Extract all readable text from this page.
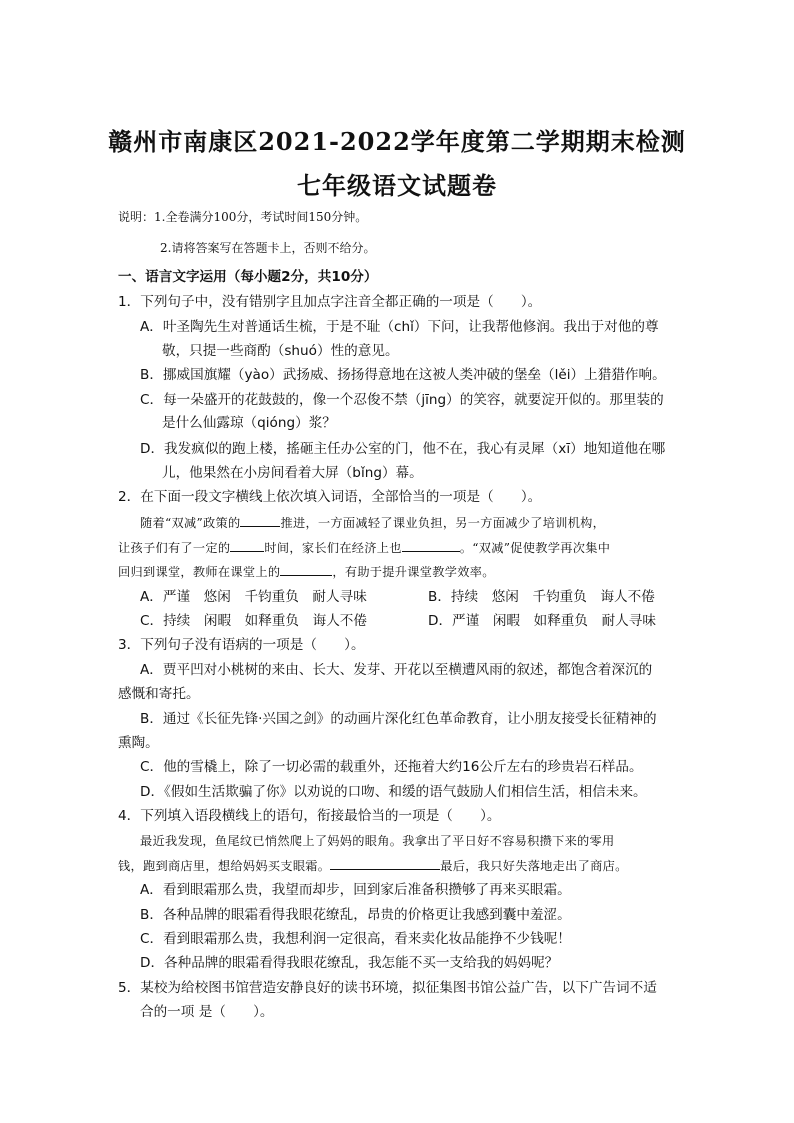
赣州市南康区2021-2022学年度第二学期期末检测
七年级语文试题卷
说明：1.全卷满分100分，考试时间150分钟。
2.请将答案写在答题卡上，否则不给分。
一、语言文字运用（每小题2分，共10分）
1．下列句子中，没有错别字且加点字注音全都正确的一项是（　　）。
A．叶圣陶先生对普通话生梳，于是不耻（chǐ）下问，让我帮他修润。我出于对他的尊
敬，只提一些商酌（shuó）性的意见。
B．挪威国旗耀（yào）武扬威、扬扬得意地在这被人类冲破的堡垒（lěi）上猎猎作响。
C．每一朵盛开的花鼓鼓的，像一个忍俊不禁（jīng）的笑容，就要淀开似的。那里装的
是什么仙露琼（qióng）浆？
D．我发疯似的跑上楼，搖砸主任办公室的门，他不在，我心有灵犀（xī）地知道他在哪
儿，他果然在小房间看着大屏（bǐng）幕。
2．在下面一段文字横线上依次填入词语，全部恰当的一项是（　　）。
随着“双减”政策的	推进，一方面减轻了课业负担，另一方面减少了培训机构，
让孩子们有了一定的	时间，家长们在经济上也	。“双减”促使教学再次集中
回归到课堂，教师在课堂上的	，有助于提升课堂教学效率。
A．严谨　悠闲　千钧重负　耐人寻味	B．持续　悠闲　千钧重负　诲人不倦
C．持续　闲暇　如释重负　诲人不倦	D．严谨　闲暇　如释重负　耐人寻味
3．下列句子没有语病的一项是（　　）。
A．贾平凹对小桃树的来由、长大、发芽、开花以至横遭风雨的叙述，都饱含着深沉的
感慨和寄托。
B．通过《长征先锋·兴国之剑》的动画片深化红色革命教育，让小朋友接受长征精神的
熏陶。
C．他的雪橇上，除了一切必需的载重外，还拖着大约16公斤左右的珍贵岩石样品。
D．《假如生活欺骗了你》以劝说的口吻、和缓的语气鼓励人们相信生活，相信未来。
4．下列填入语段横线上的语句，衔接最恰当的一项是（　　）。
最近我发现，鱼尾纹已悄然爬上了妈妈的眼角。我拿出了平日好不容易积攒下来的零用
钱，跑到商店里，想给妈妈买支眼霜。	最后，我只好失落地走出了商店。
A．看到眼霜那么贵，我望而却步，回到家后准备积攒够了再来买眼霜。
B．各种品牌的眼霜看得我眼花缭乱，昂贵的价格更让我感到囊中羞涩。
C．看到眼霜那么贵，我想利润一定很高，看来卖化妆品能挣不少钱呢！
D．各种品牌的眼霜看得我眼花缭乱，我怎能不买一支给我的妈妈呢？
5．某校为给校图书馆营造安静良好的读书环境，拟征集图书馆公益广告，以下广告词不适
合的一项 是（　　）。
